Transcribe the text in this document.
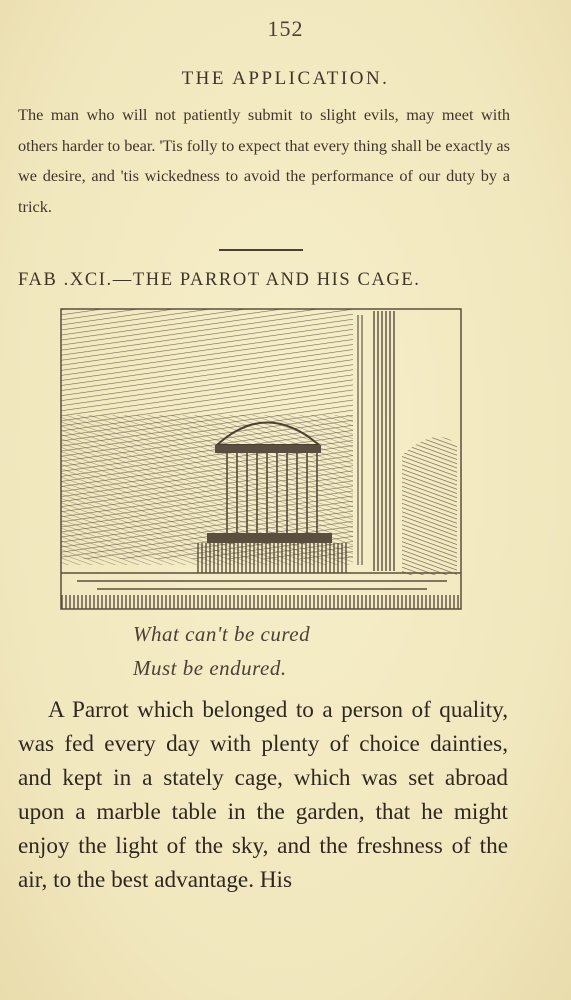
152
THE APPLICATION.
The man who will not patiently submit to slight evils, may meet with others harder to bear. 'Tis folly to expect that every thing shall be exactly as we desire, and 'tis wickedness to avoid the performance of our duty by a trick.
FAB .XCI.—THE PARROT AND HIS CAGE.
What can't be cured
Must be endured.

A Parrot which belonged to a person of quality, was fed every day with plenty of choice dainties, and kept in a stately cage, which was set abroad upon a marble table in the garden, that he might enjoy the light of the sky, and the freshness of the air, to the best advantage. His
